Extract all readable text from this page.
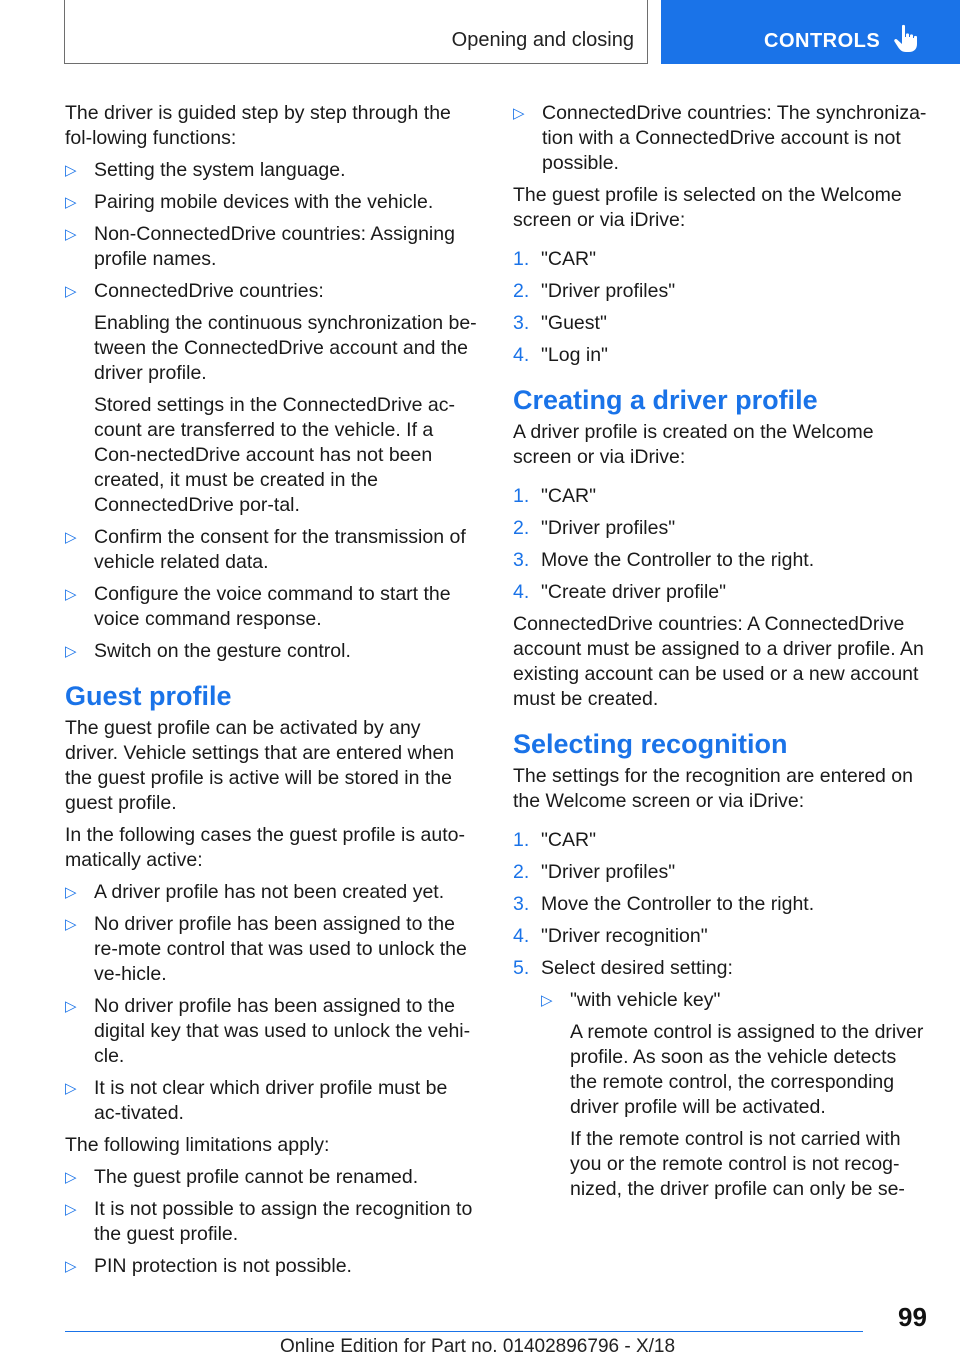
Opening and closing	CONTROLS

The driver is guided step by step through the fol-lowing functions:

▷ Setting the system language.
▷ Pairing mobile devices with the vehicle.
▷ Non-ConnectedDrive countries: Assigning profile names.
▷ ConnectedDrive countries:
Enabling the continuous synchronization be-tween the ConnectedDrive account and the driver profile.
Stored settings in the ConnectedDrive ac-count are transferred to the vehicle. If a Con-nectedDrive account has not been created, it must be created in the ConnectedDrive por-tal.
▷ Confirm the consent for the transmission of vehicle related data.
▷ Configure the voice command to start the voice command response.
▷ Switch on the gesture control.
Guest profile

The guest profile can be activated by any driver. Vehicle settings that are entered when the guest profile is active will be stored in the guest profile.

In the following cases the guest profile is auto-matically active:

▷ A driver profile has not been created yet.
▷ No driver profile has been assigned to the re-mote control that was used to unlock the ve-hicle.
▷ No driver profile has been assigned to the digital key that was used to unlock the vehi-cle.
▷ It is not clear which driver profile must be ac-tivated.

The following limitations apply:

▷ The guest profile cannot be renamed.
▷ It is not possible to assign the recognition to the guest profile.
▷ PIN protection is not possible.
▷ ConnectedDrive countries: The synchroniza-tion with a ConnectedDrive account is not possible.

The guest profile is selected on the Welcome screen or via iDrive:

1. "CAR"
2. "Driver profiles"
3. "Guest"
4. "Log in"
Creating a driver profile

A driver profile is created on the Welcome screen or via iDrive:

1. "CAR"
2. "Driver profiles"
3. Move the Controller to the right.
4. "Create driver profile"

ConnectedDrive countries: A ConnectedDrive account must be assigned to a driver profile. An existing account can be used or a new account must be created.

Selecting recognition

The settings for the recognition are entered on the Welcome screen or via iDrive:

1. "CAR"
2. "Driver profiles"
3. Move the Controller to the right.
4. "Driver recognition"
5. Select desired setting:
▷ "with vehicle key"
A remote control is assigned to the driver profile. As soon as the vehicle detects the remote control, the corresponding driver profile will be activated.
If the remote control is not carried with you or the remote control is not recog-nized, the driver profile can only be se-
99
Online Edition for Part no. 01402896796 - X/18
